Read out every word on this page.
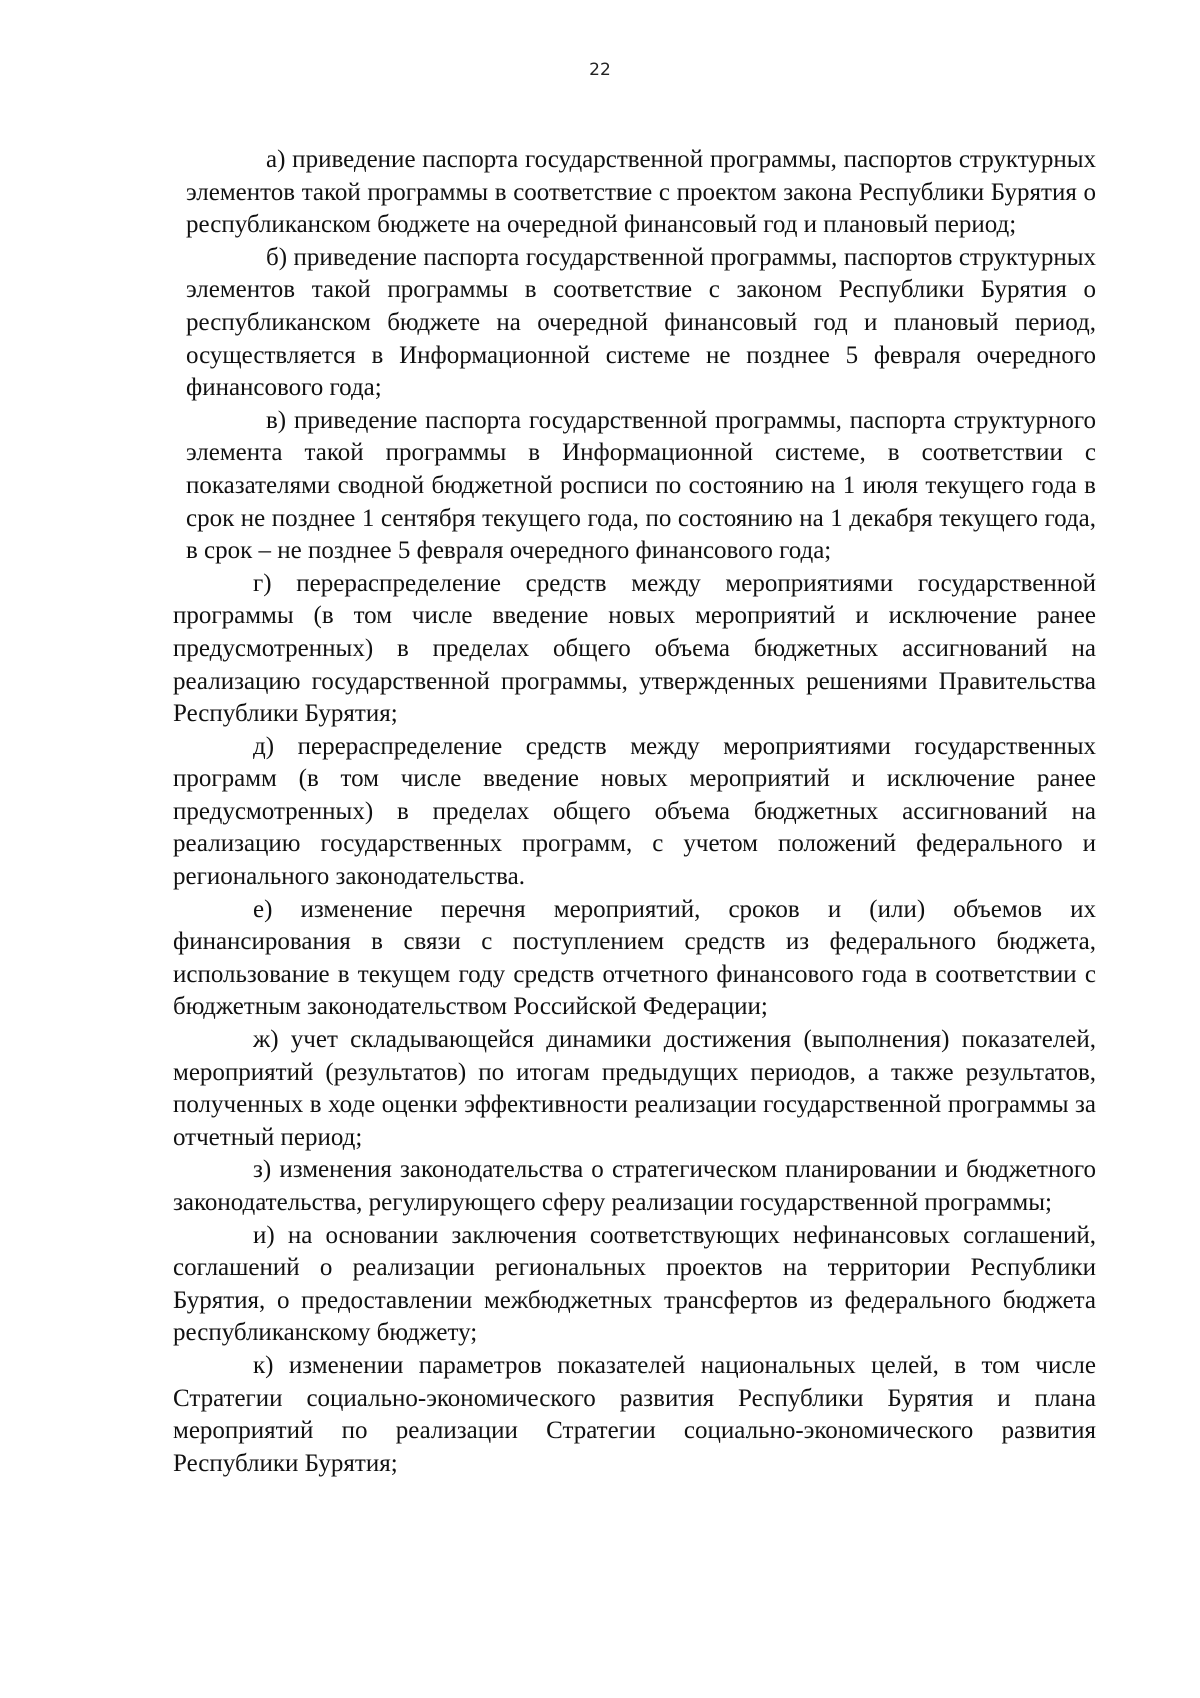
22

а) приведение паспорта государственной программы, паспортов структурных элементов такой программы в соответствие с проектом закона Республики Бурятия о республиканском бюджете на очередной финансовый год и плановый период;

б) приведение паспорта государственной программы, паспортов структурных элементов такой программы в соответствие с законом Республики Бурятия о республиканском бюджете на очередной финансовый год и плановый период, осуществляется в Информационной системе не позднее 5 февраля очередного финансового года;

в) приведение паспорта государственной программы, паспорта структурного элемента такой программы в Информационной системе, в соответствии с показателями сводной бюджетной росписи по состоянию на 1 июля текущего года в срок не позднее 1 сентября текущего года, по состоянию на 1 декабря текущего года, в срок – не позднее 5 февраля очередного финансового года;

г) перераспределение средств между мероприятиями государственной программы (в том числе введение новых мероприятий и исключение ранее предусмотренных) в пределах общего объема бюджетных ассигнований на реализацию государственной программы, утвержденных решениями Правительства Республики Бурятия;

д) перераспределение средств между мероприятиями государственных программ (в том числе введение новых мероприятий и исключение ранее предусмотренных) в пределах общего объема бюджетных ассигнований на реализацию государственных программ, с учетом положений федерального и регионального законодательства.

е) изменение перечня мероприятий, сроков и (или) объемов их финансирования в связи с поступлением средств из федерального бюджета, использование в текущем году средств отчетного финансового года в соответствии с бюджетным законодательством Российской Федерации;

ж) учет складывающейся динамики достижения (выполнения) показателей, мероприятий (результатов) по итогам предыдущих периодов, а также результатов, полученных в ходе оценки эффективности реализации государственной программы за отчетный период;

з) изменения законодательства о стратегическом планировании и бюджетного законодательства, регулирующего сферу реализации государственной программы;

и) на основании заключения соответствующих нефинансовых соглашений, соглашений о реализации региональных проектов на территории Республики Бурятия, о предоставлении межбюджетных трансфертов из федерального бюджета республиканскому бюджету;

к) изменении параметров показателей национальных целей, в том числе Стратегии социально-экономического развития Республики Бурятия и плана мероприятий по реализации Стратегии социально-экономического развития Республики Бурятия;
